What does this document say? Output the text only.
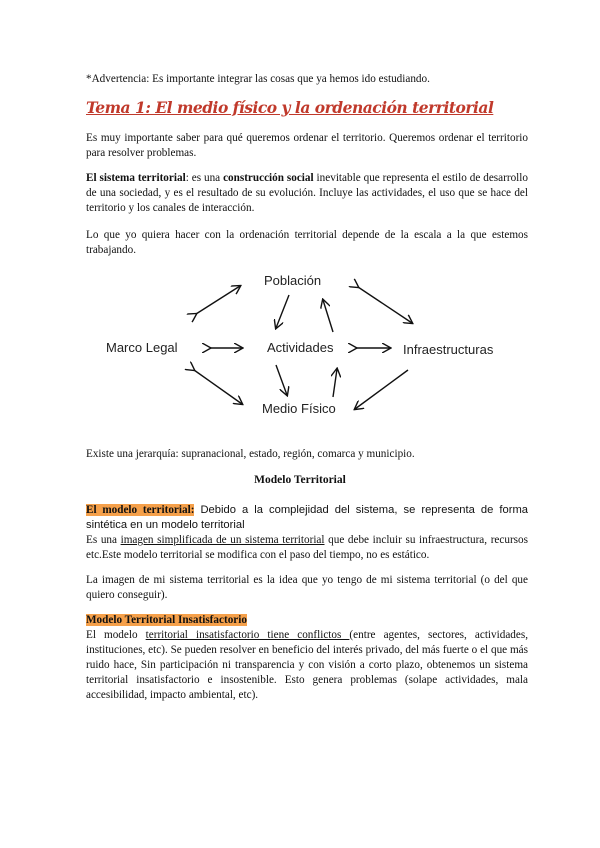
*Advertencia: Es importante integrar las cosas que ya hemos ido estudiando.

Tema 1: El medio físico y la ordenación territorial

Es muy importante saber para qué queremos ordenar el territorio. Queremos ordenar el territorio para resolver problemas.

El sistema territorial: es una construcción social inevitable que representa el estilo de desarrollo de una sociedad, y es el resultado de su evolución. Incluye las actividades, el uso que se hace del territorio y los canales de interacción.

Lo que yo quiera hacer con la ordenación territorial depende de la escala a la que estemos trabajando.

Población
Marco Legal	Actividades	Infraestructuras
Medio Físico

Existe una jerarquía: supranacional, estado, región, comarca y municipio.

Modelo Territorial

El modelo territorial: Debido a la complejidad del sistema, se representa de forma sintética en un modelo territorial

Es una imagen simplificada de un sistema territorial que debe incluir su infraestructura, recursos etc.Este modelo territorial se modifica con el paso del tiempo, no es estático.

La imagen de mi sistema territorial es la idea que yo tengo de mi sistema territorial (o del que quiero conseguir).

Modelo Territorial Insatisfactorio

El modelo territorial insatisfactorio tiene conflictos (entre agentes, sectores, actividades, instituciones, etc). Se pueden resolver en beneficio del interés privado, del más fuerte o el que más ruido hace, Sin participación ni transparencia y con visión a corto plazo, obtenemos un sistema territorial insatisfactorio e insostenible. Esto genera problemas (solape actividades, mala accesibilidad, impacto ambiental, etc).
